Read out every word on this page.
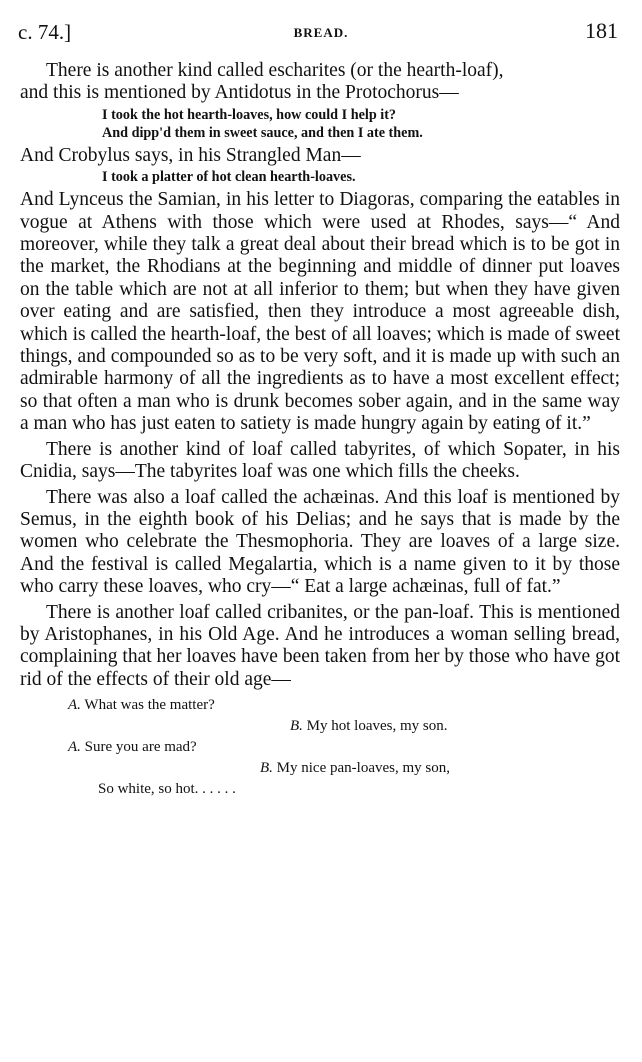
c. 74.]	BREAD.	181
There is another kind called escharites (or the hearth-loaf),
and this is mentioned by Antidotus in the Protochorus—
I took the hot hearth-loaves, how could I help it?
And dipp'd them in sweet sauce, and then I ate them.
And Crobylus says, in his Strangled Man—
I took a platter of hot clean hearth-loaves.

And Lynceus the Samian, in his letter to Diagoras, comparing the eatables in vogue at Athens with those which were used at Rhodes, says—“ And moreover, while they talk a great deal about their bread which is to be got in the market, the Rhodians at the beginning and middle of dinner put loaves on the table which are not at all inferior to them; but when they have given over eating and are satisfied, then they introduce a most agreeable dish, which is called the hearth-loaf, the best of all loaves; which is made of sweet things, and compounded so as to be very soft, and it is made up with such an admirable harmony of all the ingredients as to have a most excellent effect; so that often a man who is drunk becomes sober again, and in the same way a man who has just eaten to satiety is made hungry again by eating of it.”

There is another kind of loaf called tabyrites, of which Sopater, in his Cnidia, says—The tabyrites loaf was one which fills the cheeks.

There was also a loaf called the achæinas. And this loaf is mentioned by Semus, in the eighth book of his Delias; and he says that is made by the women who celebrate the Thesmophoria. They are loaves of a large size. And the festival is called Megalartia, which is a name given to it by those who carry these loaves, who cry—“ Eat a large achæinas, full of fat.”

There is another loaf called cribanites, or the pan-loaf. This is mentioned by Aristophanes, in his Old Age. And he introduces a woman selling bread, complaining that her loaves have been taken from her by those who have got rid of the effects of their old age—

A. What was the matter?
B. My hot loaves, my son.
A. Sure you are mad?
B. My nice pan-loaves, my son,
So white, so hot. . . . . .
